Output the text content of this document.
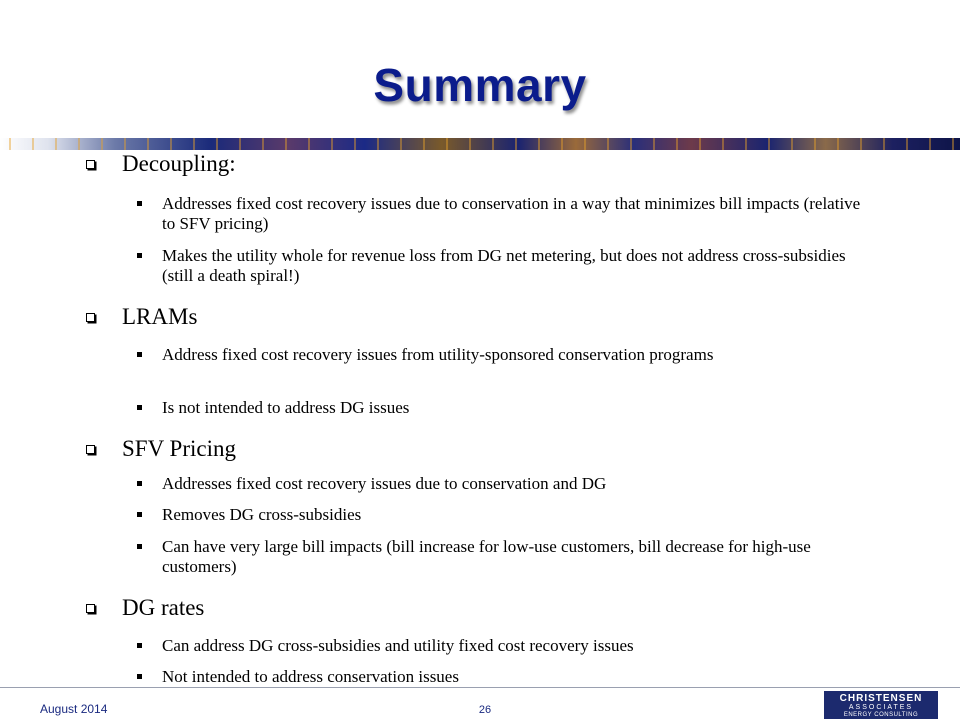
Summary
Decoupling:
Addresses fixed cost recovery issues due to conservation in a way that minimizes bill impacts (relative to SFV pricing)
Makes the utility whole for revenue loss from DG net metering, but does not address cross-subsidies (still a death spiral!)
LRAMs
Address fixed cost recovery issues from utility-sponsored conservation programs
Is not intended to address DG issues
SFV Pricing
Addresses fixed cost recovery issues due to conservation and DG
Removes DG cross-subsidies
Can have very large bill impacts (bill increase for low-use customers, bill decrease for high-use customers)
DG rates
Can address DG cross-subsidies and utility fixed cost recovery issues
Not intended to address conservation issues
August 2014	26
CHRISTENSEN
ASSOCIATES
ENERGY CONSULTING
